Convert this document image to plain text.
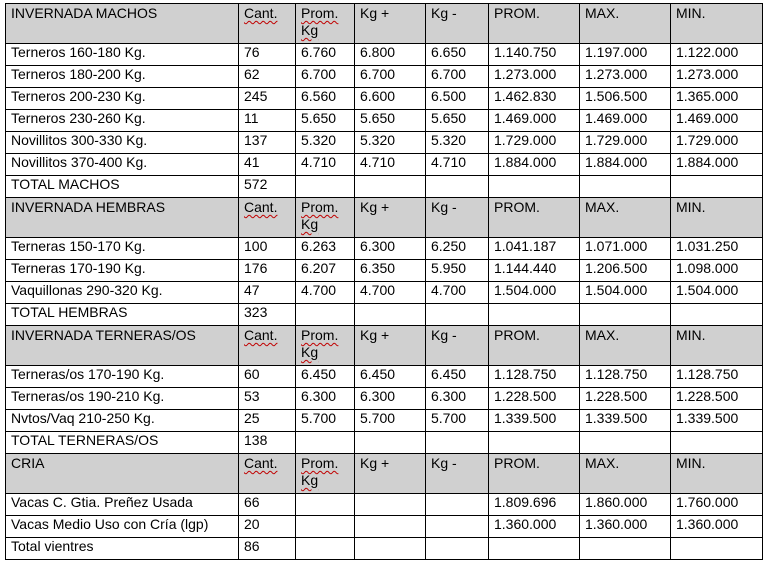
INVERNADA MACHOS	Cant.	Prom. Kg	Kg +	Kg -	PROM.	MAX.	MIN.
Terneros 160-180 Kg.	76	6.760	6.800	6.650	1.140.750	1.197.000	1.122.000
Terneros 180-200 Kg.	62	6.700	6.700	6.700	1.273.000	1.273.000	1.273.000
Terneros 200-230 Kg.	245	6.560	6.600	6.500	1.462.830	1.506.500	1.365.000
Terneros 230-260 Kg.	11	5.650	5.650	5.650	1.469.000	1.469.000	1.469.000
Novillitos 300-330 Kg.	137	5.320	5.320	5.320	1.729.000	1.729.000	1.729.000
Novillitos 370-400 Kg.	41	4.710	4.710	4.710	1.884.000	1.884.000	1.884.000
TOTAL MACHOS	572						
INVERNADA HEMBRAS	Cant.	Prom. Kg	Kg +	Kg -	PROM.	MAX.	MIN.
Terneras 150-170 Kg.	100	6.263	6.300	6.250	1.041.187	1.071.000	1.031.250
Terneras 170-190 Kg.	176	6.207	6.350	5.950	1.144.440	1.206.500	1.098.000
Vaquillonas 290-320 Kg.	47	4.700	4.700	4.700	1.504.000	1.504.000	1.504.000
TOTAL HEMBRAS	323						
INVERNADA TERNERAS/OS	Cant.	Prom. Kg	Kg +	Kg -	PROM.	MAX.	MIN.
Terneras/os 170-190 Kg.	60	6.450	6.450	6.450	1.128.750	1.128.750	1.128.750
Terneras/os 190-210 Kg.	53	6.300	6.300	6.300	1.228.500	1.228.500	1.228.500
Nvtos/Vaq 210-250 Kg.	25	5.700	5.700	5.700	1.339.500	1.339.500	1.339.500
TOTAL TERNERAS/OS	138						
CRIA	Cant.	Prom. Kg	Kg +	Kg -	PROM.	MAX.	MIN.
Vacas C. Gtia. Preñez Usada	66				1.809.696	1.860.000	1.760.000
Vacas Medio Uso con Cría (lgp)	20				1.360.000	1.360.000	1.360.000
Total vientres	86						
